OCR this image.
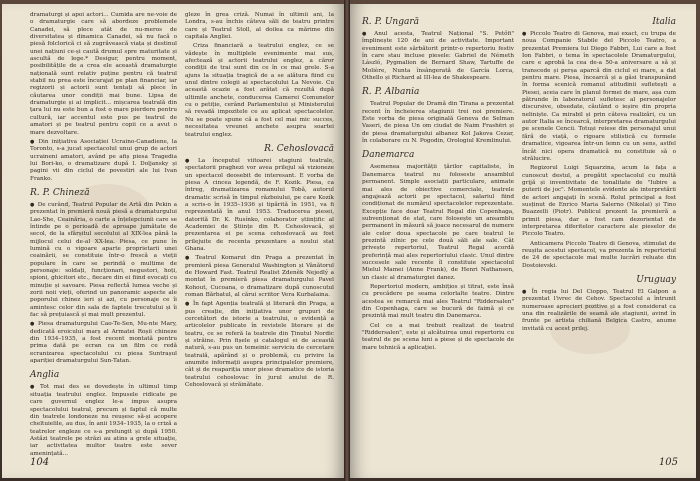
dramaturgi și apoi actori... Cumida are ne-voie de o dramaturgie care să abordeze problemele Canadei, să plece atât de nu-meros de diversitatea și dinamica Canadei, să nu facă o piesă folclorică ci să zugrăvească viața și destinul unei națiuni ce-și caută drumul spre maturitate și ascultă de lege.* Desigur, pentru moment, posibilitățile de a crea ele această dramaturgie națională sunt relativ puține pentru că teatrul stabil nu prea este încurajat pe plan financiar, iar regizorii și actorii sunt tentați să plece în căutarea unor condiții mai bune. Lipsa de dramaturgie și ai implicit... mișcarea teatrală din țara lui nu este bun a fost o mare pierdere pentru cultură, iar accentul este pus pe teatrul de amatori și pe teatrul pentru copii ce a avut o mare dezvoltare.

● Din inițiativa Asociației Ucraino-Canadiene, la Toronto, s-a jucat spectacolul unui grup de actori ucraineni amatori, având pe afiș piesa Tragedia lui Bori-ko, o dramatizare după I. Doljansky și pagini vii din ciclul de povestiri ale lui Ivan Franko.

R. P. Chineză

● De curând, Teatrul Popular de Artă din Pekin a prezentat în premieră nouă piesă a dramaturgului Lao-She, Ceainăria, o carte a înțelepciunii care se întinde pe o perioadă de aproape jumătate de secol, de la sfârșitul secolului al XIX-lea până la mijlocul celui de-al XX-lea. Piesa, ce pune în lumină cu o vigoare aparte proprietarii unei ceainării, se constituie într-o frescă a vieții populare în care se perindă o multime de personaje: soldați, funcționari, negustori, hoți, spioni, ghicitori etc., fiecare din ei fiind evocați cu minuție și savoare. Piesa reflectă lumea veche și zorii noii vieți, oferind un panoramic aspecte ale poporului chinez ieri și azi, cu personaje ce îi amintesc celor din sala de faptele trecutului și îi fac să prețuiască și mai mult prezentul.

● Piesa dramaturgului Cao-Te-Sen, Mu-nte Mary, dedicată eroicului marș al Armatei Roșii chineze din 1934–1935, a fost recent montată pentru prima dată pe ecran ca un film ce redă ecranizarea spectacolului cu piesa Suntrașul apariției dramaturgului Sun-Tatan.

Anglia

● Tot mai des se dovedește în ultimul timp situația teatrului englez. Impusele ridicate pe care guvernul englez le-a impus asupra spectacolului teatral, precum și faptul că multe din teatrele londoneze nu reușesc să-și acopere cheltuielile, au dus, în anii 1934–1935, la o criză a teatrelor engleze ce s-a prelungit și după 1950. Astăzi teatrele pe străzi au atins a grele situație, iar activitatea multor teatre este sever amenințată...

gleze în grea criză. Numai în ultimii ani, la Londra, s-au închis câteva săli de teatru printre care și Teatrul Stoll, al doilea ca mărime din capitala Angliei.

Criza financiară a teatrului englez, ce se vădește în multiplele evenimente mai sus, afectează și actorii teatrului englez, a căror condiții de trai sunt din ce în ce mai grele. S-a ajuns la situația tragică de a se alătura fiind cu unul dintre colegii ai spectacolului La Nevoie. Cu această ocazie a fost arătat că rezultă după ultimile anchete, conducerea Camerei Comunelor cu o petiție, cerând Parlamentului și Ministerului să revadă impozitele ce au aplicat spectacolelor. Nu se poate spune că a fost cel mai mic succes, necesitatea vreunei anchete asupra soartei teatrului englez.

R. Cehoslovacă

● La începutul viitoarei stagiuni teatrale, spectatorii praghezi vor avea prilejul să vizioneze un spectacol deosebit de interesant. E vorba de piesa A cincea legendă, de F. Kozik. Piesa, ca întreg, dramatizarea romanului Tobă, autorul dramatic scrisă în timpul războiului, pe care Kozík a scris-o în 1935–1936 și tipărită în 1951, va fi reprezentată în anul 1953. Traducerea piesei, datorită Dr. K. Rusínko, colaborator științific al Academiei de Științe din R. Cehoslovacă, și prezentarea ei pe scena cehoslovacă au fost prilejuite de recenta prezentare a noului stat Ghana.

● Teatrul Komarut din Praga a prezentat în premieră piesa Generalul Washington și Vânătorul de Howard Fast. Teatrul Realist Zdeněk Nejedlý a montat în premieră piesa dramaturgului Pavel Kohout, Cucoana, o dramatizare după cunoscutul roman Bărbatul, al cărui scriitor Vera Kurbalaina.

● În fapt Agenția teatrală și literară din Praga, a pus creație, din inițiativa unor grupuri de cercetători de istorie a teatrului, o evidență a articolelor publicate în revistele literare și de teatru, ce se referă la teatrele din Ținutul Nordic și străine. Prin fișele și catalogul ei de această natură, s-au pus un temeinic serviciu de cercetare teatrală, apărând și o problemă, cu privire la anumite informații asupra principalelor premiere, cât și de reapariția unor piese dramatice de istoria teatrului cehoslovac în jurul anului de R. Cehoslovacă și străinătate.

104
R. P. Ungară

● Anul acesta, Teatrul Național "S. Petőfi" împlinește 120 de ani de activitate. Important eveniment este sărbătorit printr-o repertoriu festiv în care stau incluse piesele: Gabriel de Németh László, Pygmalion de Bernard Shaw, Tartuffe de Molière, Nunta însângerată de García Lorca, Othello și Richard al III-lea de Shakespeare.

R. P. Albania

Teatrul Popular de Dramă din Tirana a prezentat recent în încheierea stagiunii trei noi premiere. Este vorba de piesa originală Geneva de Selman Vaseri, de piesa Un om ciudat de Naim Frashëri și de piesa dramaturgului albanez Kol Jakova Cezar, în colaborare cu N. Pogodin, Orologiul Kremlinului.

Danemarca

Asemenea majorității țărilor capitaliste, în Danemarca teatrul nu foloseste ansamblul permanent. Simple asociații particulare, animate mai ales de obiective comerciale, teatrele angajează actorii pe spectacol, salariul fiind condiționat de numărul spectacolelor reprezentate. Excepție face doar Teatrul Regal din Copenhaga, subvenționat de stat, care folosește un ansamblu permanent în măsură să joace necesarul de numere ale celor doua spectacole pe care teatrul le prezintă zilnic pe cele două săli ale sale. Cât privește repertoriul, Teatrul Regal acordă preferință mai ales repertoriului clasic. Unul dintre succesele sale recente îl constituie spectacolul Mielul Mamei (Anne Frank), de Henri Nathansen, un clasic al dramaturgiei danez.

Repertoriul modern, ambițios și titrat, este însă cu precădere pe seama celorlalte teatre. Dintre acestea se remarcă mai ales Teatrul "Riddersalen" din Copenhaga, care se bucură de faimă și ce prezintă mai mult teatru din Danemarca.

Cel ce a mai trebuit realizat de teatrul "Riddersalen", este și alcătuirea unui repertoriu cu teatrul de pe scena luni a piese și de spectacole de mare tehnică a aplicației.

Italia

● Piccolo Teatro di Genova, mai exact, cu trupa de noua Companie Stabile del Piccolo Teatro, a prezentat Premiera lui Diego Fabbri, Lui care a fost Ion Fabbri, o tema în spectacolele Dramaturgului, care e aprobă la cea de-a 50-a aniversare a să și transcede și perșa aparcă din ciclul ei mare, a dat pentru mare. Piesa, încearcă și a găsi transpunând în forma scenică romanul atitudinii sufletești a Piesei, aceia care în planul formei de mare, așa cum pătrunde în laboratorul sufletesc al personajelor discursive, obsedate, căutând o ieșire din propria neliniște. Ca mirabil și prin câteva realizări, cu un autor Italia se încearcă, interpretarea dramaturgului pe scenele Cencii. Totuși reiese din personajul unui fără de viață, o rigoare stilistică cu formele dramatice, vigoarea într-un lemn cu un sens, astfel încât nici opera dramatică nu constituie să o strălucire.

Regizorul Luigi Squarzina, acum la fața a cunoscut destul, a pregătit spectacolul cu multă grijă și inventivitate de tonalitate de "Iubire a puterii de joc". Momentele evidente ale interpretării de actori angajați în scenă. Rolul principal a fost susținut de Enrico Maria Salerno (Nikolai) și Tino Buazzelli (Piotr). Publicul prezent la premieră a primit piesa, dar a fost cam dezorientat de interpretarea diferitelor caractere ale pieselor de Piccolo Teatro.

Anticamera Piccolo Teatro di Genova, stimulat de reușita acestui spectacol, va prezenta în repertoriul de 24 de spectacole mai multe lucrări reluate din Dostoievski.

Uruguay

● În regia lui Del Cioppo, Teatrul El Galpon a prezentat l'ivrec de Cehov. Spectacolul a întrunit numeroase aprecieri pozitive și a fost considerat ca una din realizările de seamă ale stagiunii, avind în frunte pe artista chiliană Belgica Castro, anume invitată cu acest prilej.

105
